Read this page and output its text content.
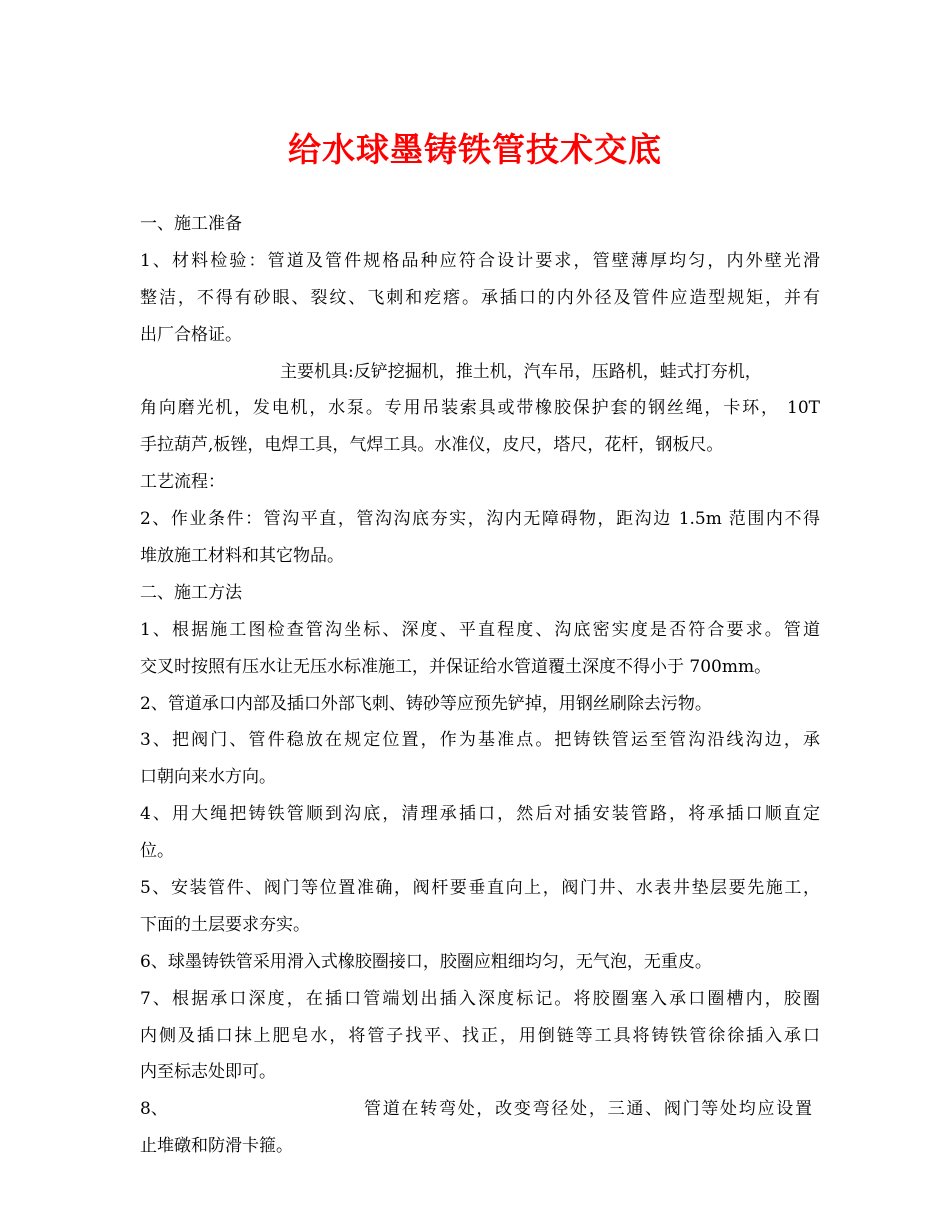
给水球墨铸铁管技术交底
一、施工准备
1、材料检验：管道及管件规格品种应符合设计要求，管壁薄厚均匀，内外壁光滑
整洁，不得有砂眼、裂纹、飞刺和疙瘩。承插口的内外径及管件应造型规矩，并有
出厂合格证。
主要机具:反铲挖掘机，推土机，汽车吊，压路机，蛙式打夯机，
角向磨光机，发电机，水泵。专用吊装索具或带橡胶保护套的钢丝绳，卡环， 10T
手拉葫芦,板锉，电焊工具，气焊工具。水准仪，皮尺，塔尺，花杆，钢板尺。
工艺流程：
2、作业条件：管沟平直，管沟沟底夯实，沟内无障碍物，距沟边 1.5m 范围内不得
堆放施工材料和其它物品。
二、施工方法
1、根据施工图检查管沟坐标、深度、平直程度、沟底密实度是否符合要求。管道
交叉时按照有压水让无压水标准施工，并保证给水管道覆土深度不得小于 700mm。
2、管道承口内部及插口外部飞刺、铸砂等应预先铲掉，用钢丝刷除去污物。
3、把阀门、管件稳放在规定位置，作为基准点。把铸铁管运至管沟沿线沟边，承
口朝向来水方向。
4、用大绳把铸铁管顺到沟底，清理承插口，然后对插安装管路，将承插口顺直定
位。
5、安装管件、阀门等位置准确，阀杆要垂直向上，阀门井、水表井垫层要先施工，
下面的土层要求夯实。
6、球墨铸铁管采用滑入式橡胶圈接口，胶圈应粗细均匀，无气泡，无重皮。
7、根据承口深度，在插口管端划出插入深度标记。将胶圈塞入承口圈槽内，胶圈
内侧及插口抹上肥皂水，将管子找平、找正，用倒链等工具将铸铁管徐徐插入承口
内至标志处即可。
8、	管道在转弯处，改变弯径处，三通、阀门等处均应设置
止堆礅和防滑卡箍。
